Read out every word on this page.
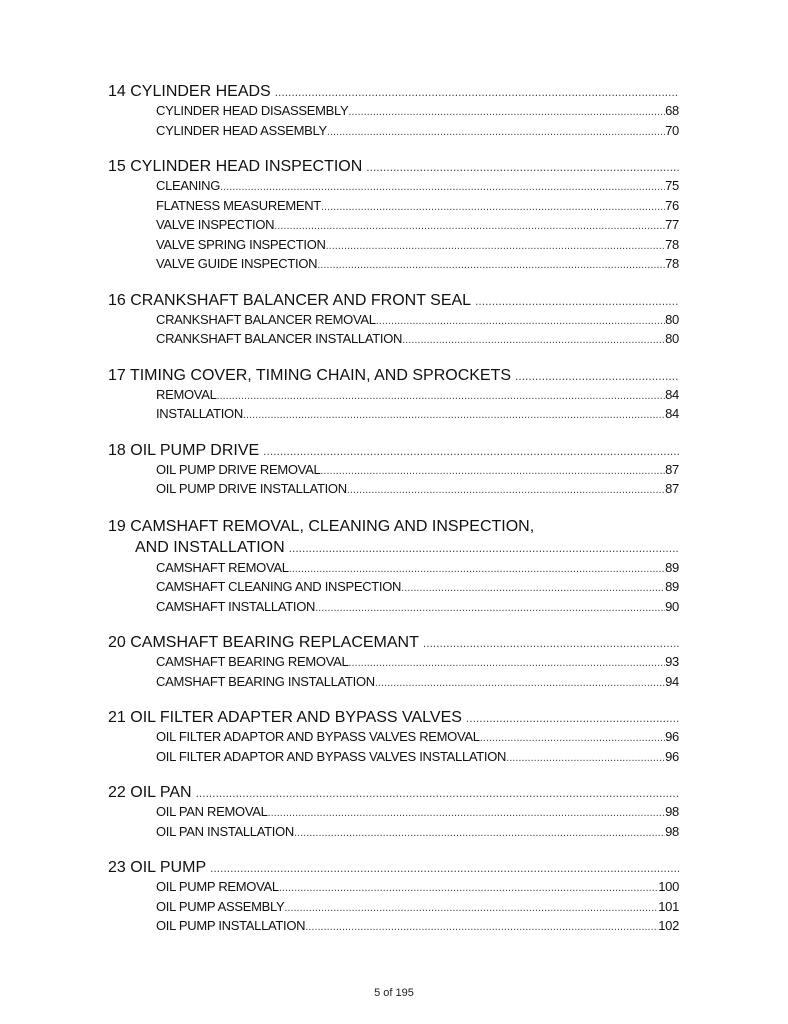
14 CYLINDER HEADS
.....
CYLINDER HEAD DISASSEMBLY .....	68
CYLINDER HEAD ASSEMBLY .....	70
15 CYLINDER HEAD INSPECTION
.....
CLEANING .....	75
FLATNESS MEASUREMENT .....	76
VALVE INSPECTION .....	77
VALVE SPRING INSPECTION .....	78
VALVE GUIDE INSPECTION .....	78
16 CRANKSHAFT BALANCER AND FRONT SEAL
.....
CRANKSHAFT BALANCER REMOVAL .....	80
CRANKSHAFT BALANCER INSTALLATION .....	80
17 TIMING COVER, TIMING CHAIN, AND SPROCKETS
.....
REMOVAL .....	84
INSTALLATION .....	84
18 OIL PUMP DRIVE
.....
OIL PUMP DRIVE REMOVAL .....	87
OIL PUMP DRIVE INSTALLATION .....	87
19 CAMSHAFT REMOVAL, CLEANING AND INSPECTION,
AND INSTALLATION
.....
CAMSHAFT REMOVAL .....	89
CAMSHAFT CLEANING AND INSPECTION .....	89
CAMSHAFT INSTALLATION .....	90
20 CAMSHAFT BEARING REPLACEMANT
.....
CAMSHAFT BEARING REMOVAL .....	93
CAMSHAFT BEARING INSTALLATION .....	94
21 OIL FILTER ADAPTER AND BYPASS VALVES
.....
OIL FILTER ADAPTOR AND BYPASS VALVES REMOVAL .....	96
OIL FILTER ADAPTOR AND BYPASS VALVES INSTALLATION .....	96
22 OIL PAN
.....
OIL PAN REMOVAL .....	98
OIL PAN INSTALLATION .....	98
23 OIL PUMP
.....
OIL PUMP REMOVAL .....	100
OIL PUMP ASSEMBLY .....	101
OIL PUMP INSTALLATION .....	102
5 of 195
